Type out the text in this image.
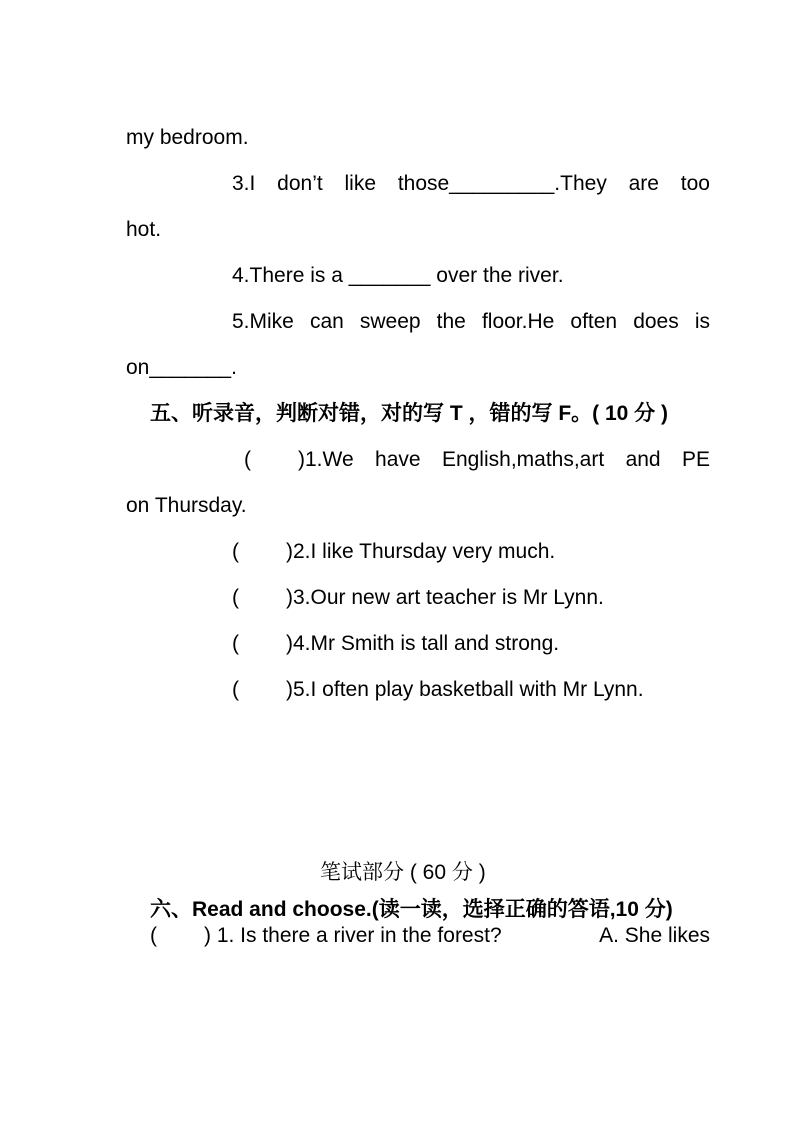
my bedroom.
3.I don’t like those_________.They are too
hot.
4.There is a _______ over the river.
5.Mike can sweep the floor.He often does is
on_______.
五、听录音，判断对错，对的写 T ，错的写 F。( 10 分 )
( )1.We have English,maths,art and PE
on Thursday.
( )2.I like Thursday very much.
( )3.Our new art teacher is Mr Lynn.
( )4.Mr Smith is tall and strong.
( )5.I often play basketball with Mr Lynn.
笔试部分 ( 60 分 )
六、Read and choose.(读一读，选择正确的答语,10 分)
( ) 1. Is there a river in the forest?	A. She likes
